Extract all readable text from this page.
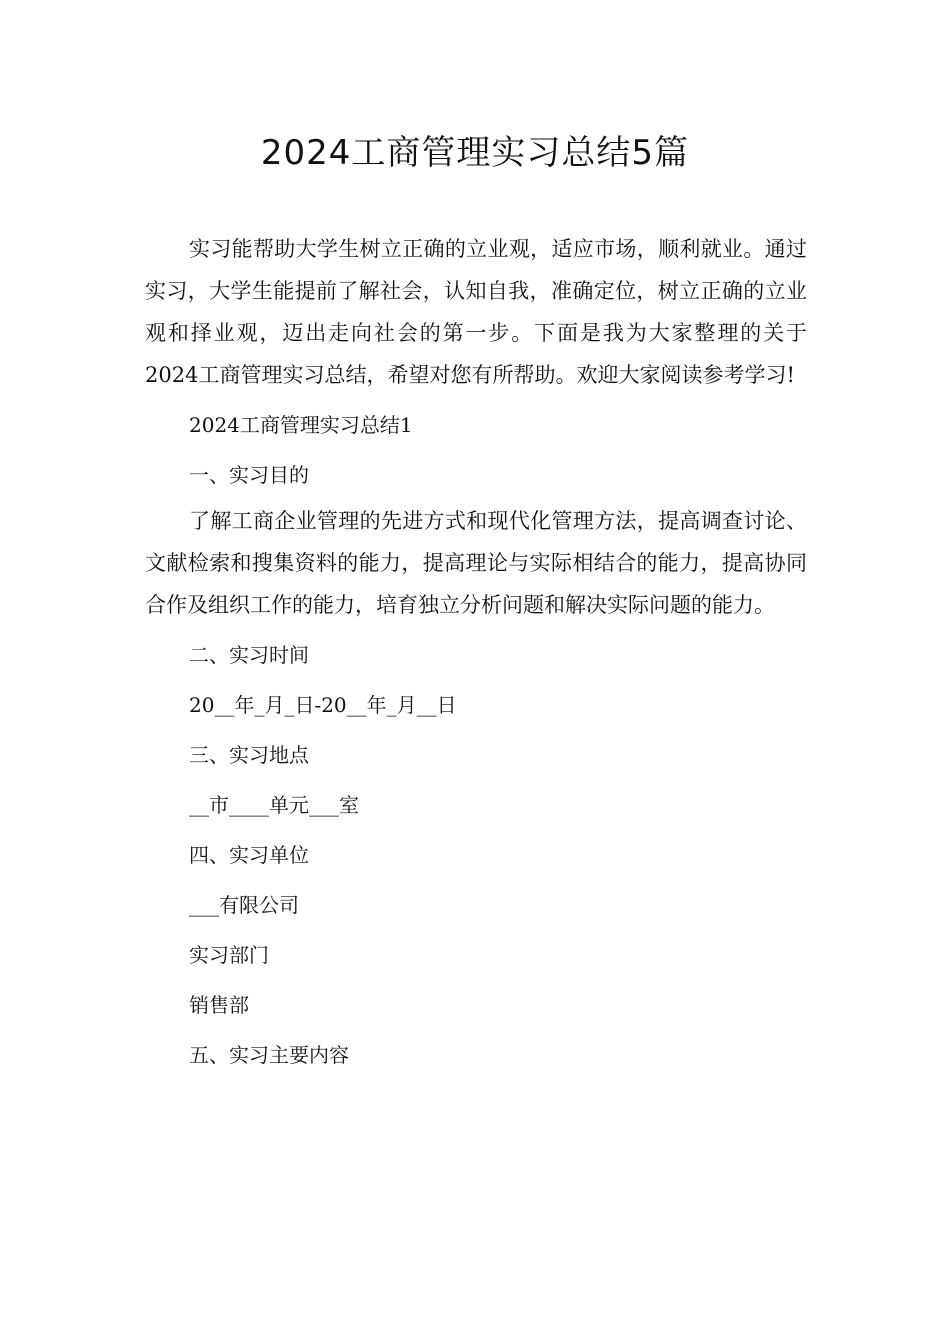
2024工商管理实习总结5篇

实习能帮助大学生树立正确的立业观，适应市场，顺利就业。通过实习，大学生能提前了解社会，认知自我，准确定位，树立正确的立业观和择业观，迈出走向社会的第一步。下面是我为大家整理的关于2024工商管理实习总结，希望对您有所帮助。欢迎大家阅读参考学习!

2024工商管理实习总结1

一、实习目的

了解工商企业管理的先进方式和现代化管理方法，提高调查讨论、文献检索和搜集资料的能力，提高理论与实际相结合的能力，提高协同合作及组织工作的能力，培育独立分析问题和解决实际问题的能力。

二、实习时间

20__年_月_日-20__年_月__日

三、实习地点

__市____单元___室

四、实习单位

___有限公司

实习部门

销售部

五、实习主要内容
